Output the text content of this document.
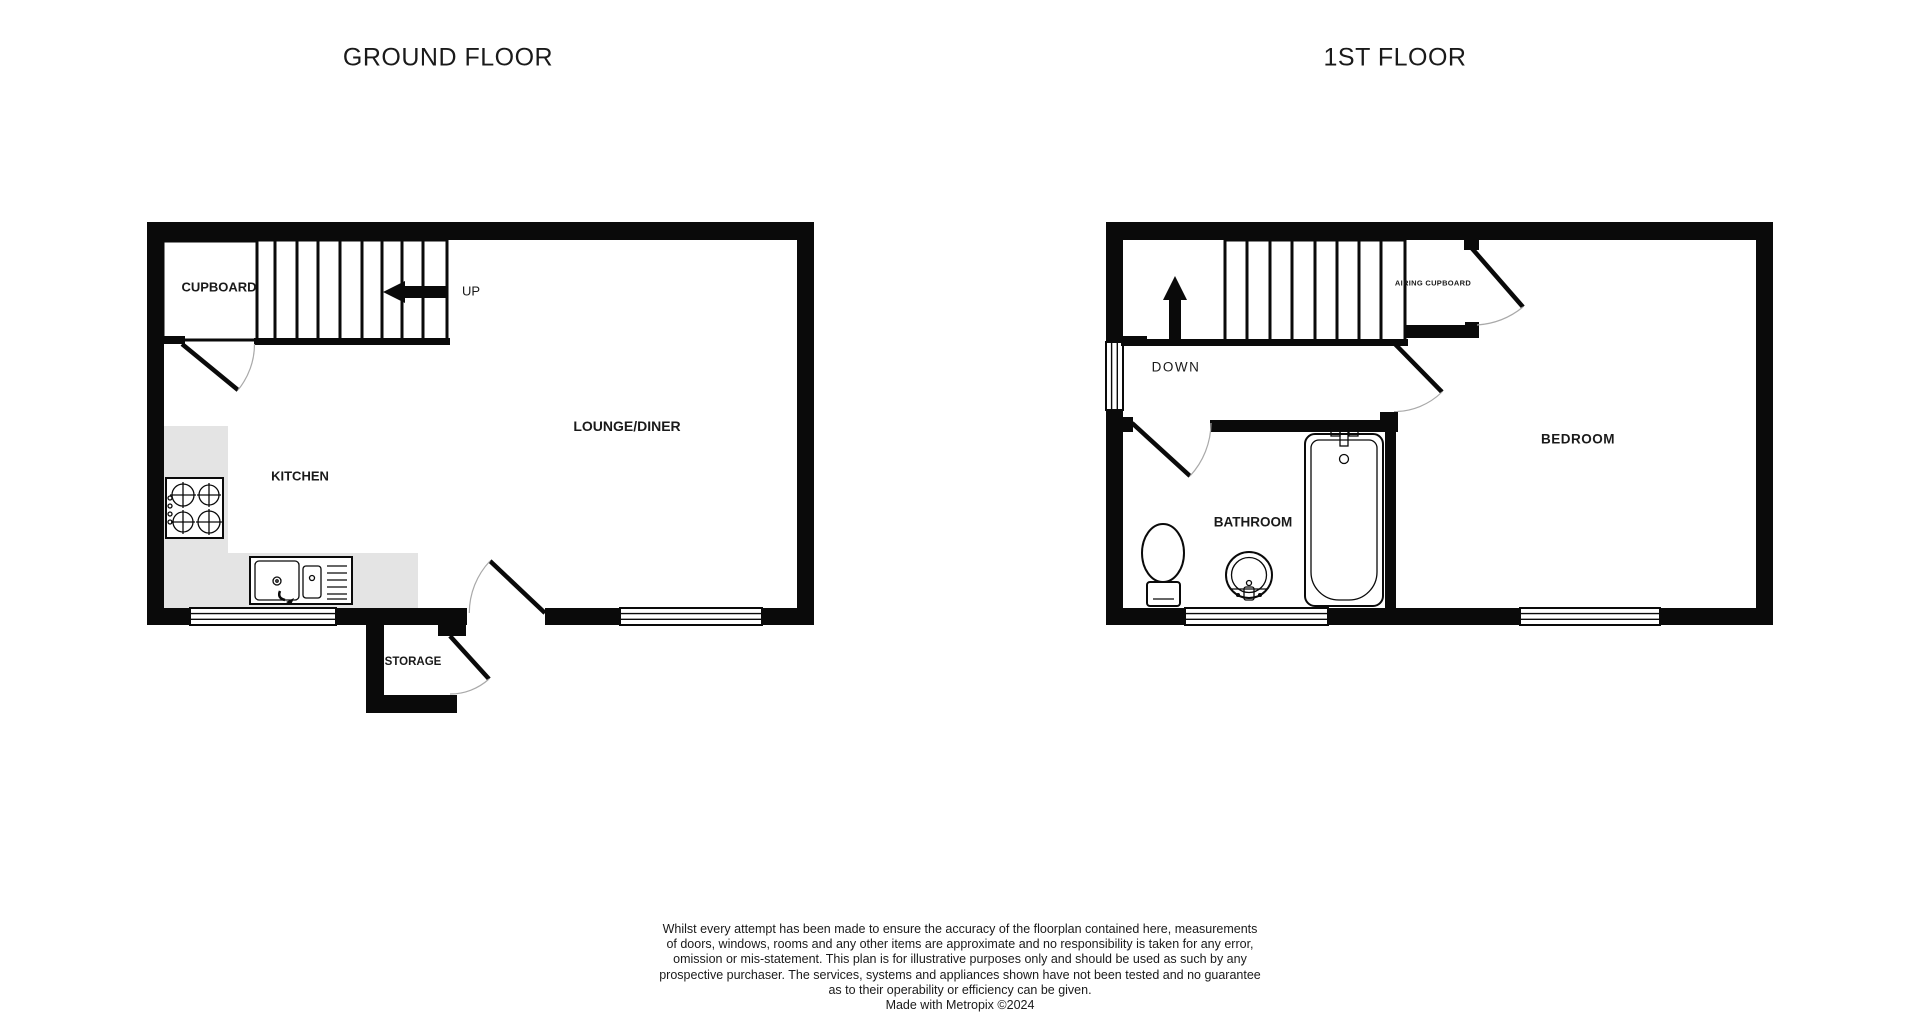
GROUND FLOOR	1ST FLOOR
CUPBOARD	UP
LOUNGE/DINER
KITCHEN
STORAGE
DOWN
AIRING CUPBOARD
BEDROOM
BATHROOM
Whilst every attempt has been made to ensure the accuracy of the floorplan contained here, measurements
of doors, windows, rooms and any other items are approximate and no responsibility is taken for any error,
omission or mis-statement. This plan is for illustrative purposes only and should be used as such by any
prospective purchaser. The services, systems and appliances shown have not been tested and no guarantee
as to their operability or efficiency can be given.
Made with Metropix ©2024
